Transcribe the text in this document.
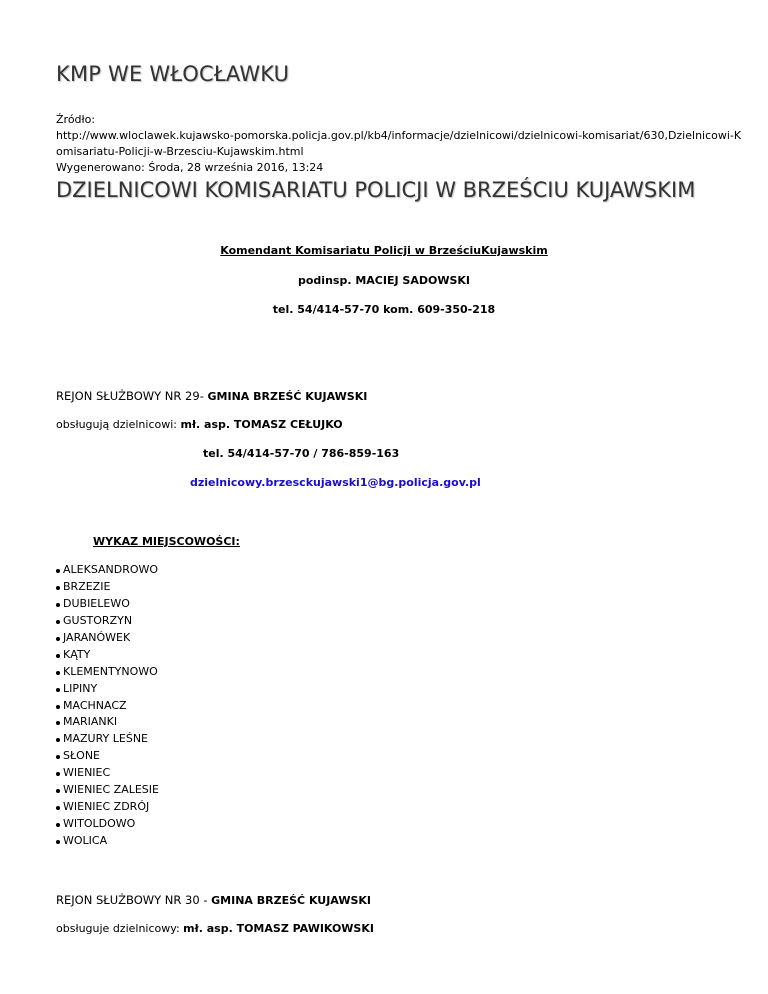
KMP WE WŁOCŁAWKU
Źródło:
http://www.wloclawek.kujawsko-pomorska.policja.gov.pl/kb4/informacje/dzielnicowi/dzielnicowi-komisariat/630,Dzielnicowi-K
omisariatu-Policji-w-Brzesciu-Kujawskim.html
Wygenerowano: Środa, 28 września 2016, 13:24
DZIELNICOWI KOMISARIATU POLICJI W BRZEŚCIU KUJAWSKIM
Komendant Komisariatu Policji w BrześciuKujawskim
podinsp. MACIEJ SADOWSKI
tel. 54/414-57-70 kom. 609-350-218
REJON SŁUŻBOWY NR 29- GMINA BRZEŚĆ KUJAWSKI
obsługują dzielnicowi: mł. asp. TOMASZ CEŁUJKO
tel. 54/414-57-70 / 786-859-163
dzielnicowy.brzesckujawski1@bg.policja.gov.pl
WYKAZ MIEJSCOWOŚCI:
ALEKSANDROWO
BRZEZIE
DUBIELEWO
GUSTORZYN
JARANÓWEK
KĄTY
KLEMENTYNOWO
LIPINY
MACHNACZ
MARIANKI
MAZURY LEŚNE
SŁONE
WIENIEC
WIENIEC ZALESIE
WIENIEC ZDRÓJ
WITOLDOWO
WOLICA
REJON SŁUŻBOWY NR 30 - GMINA BRZEŚĆ KUJAWSKI
obsługuje dzielnicowy: mł. asp. TOMASZ PAWIKOWSKI
